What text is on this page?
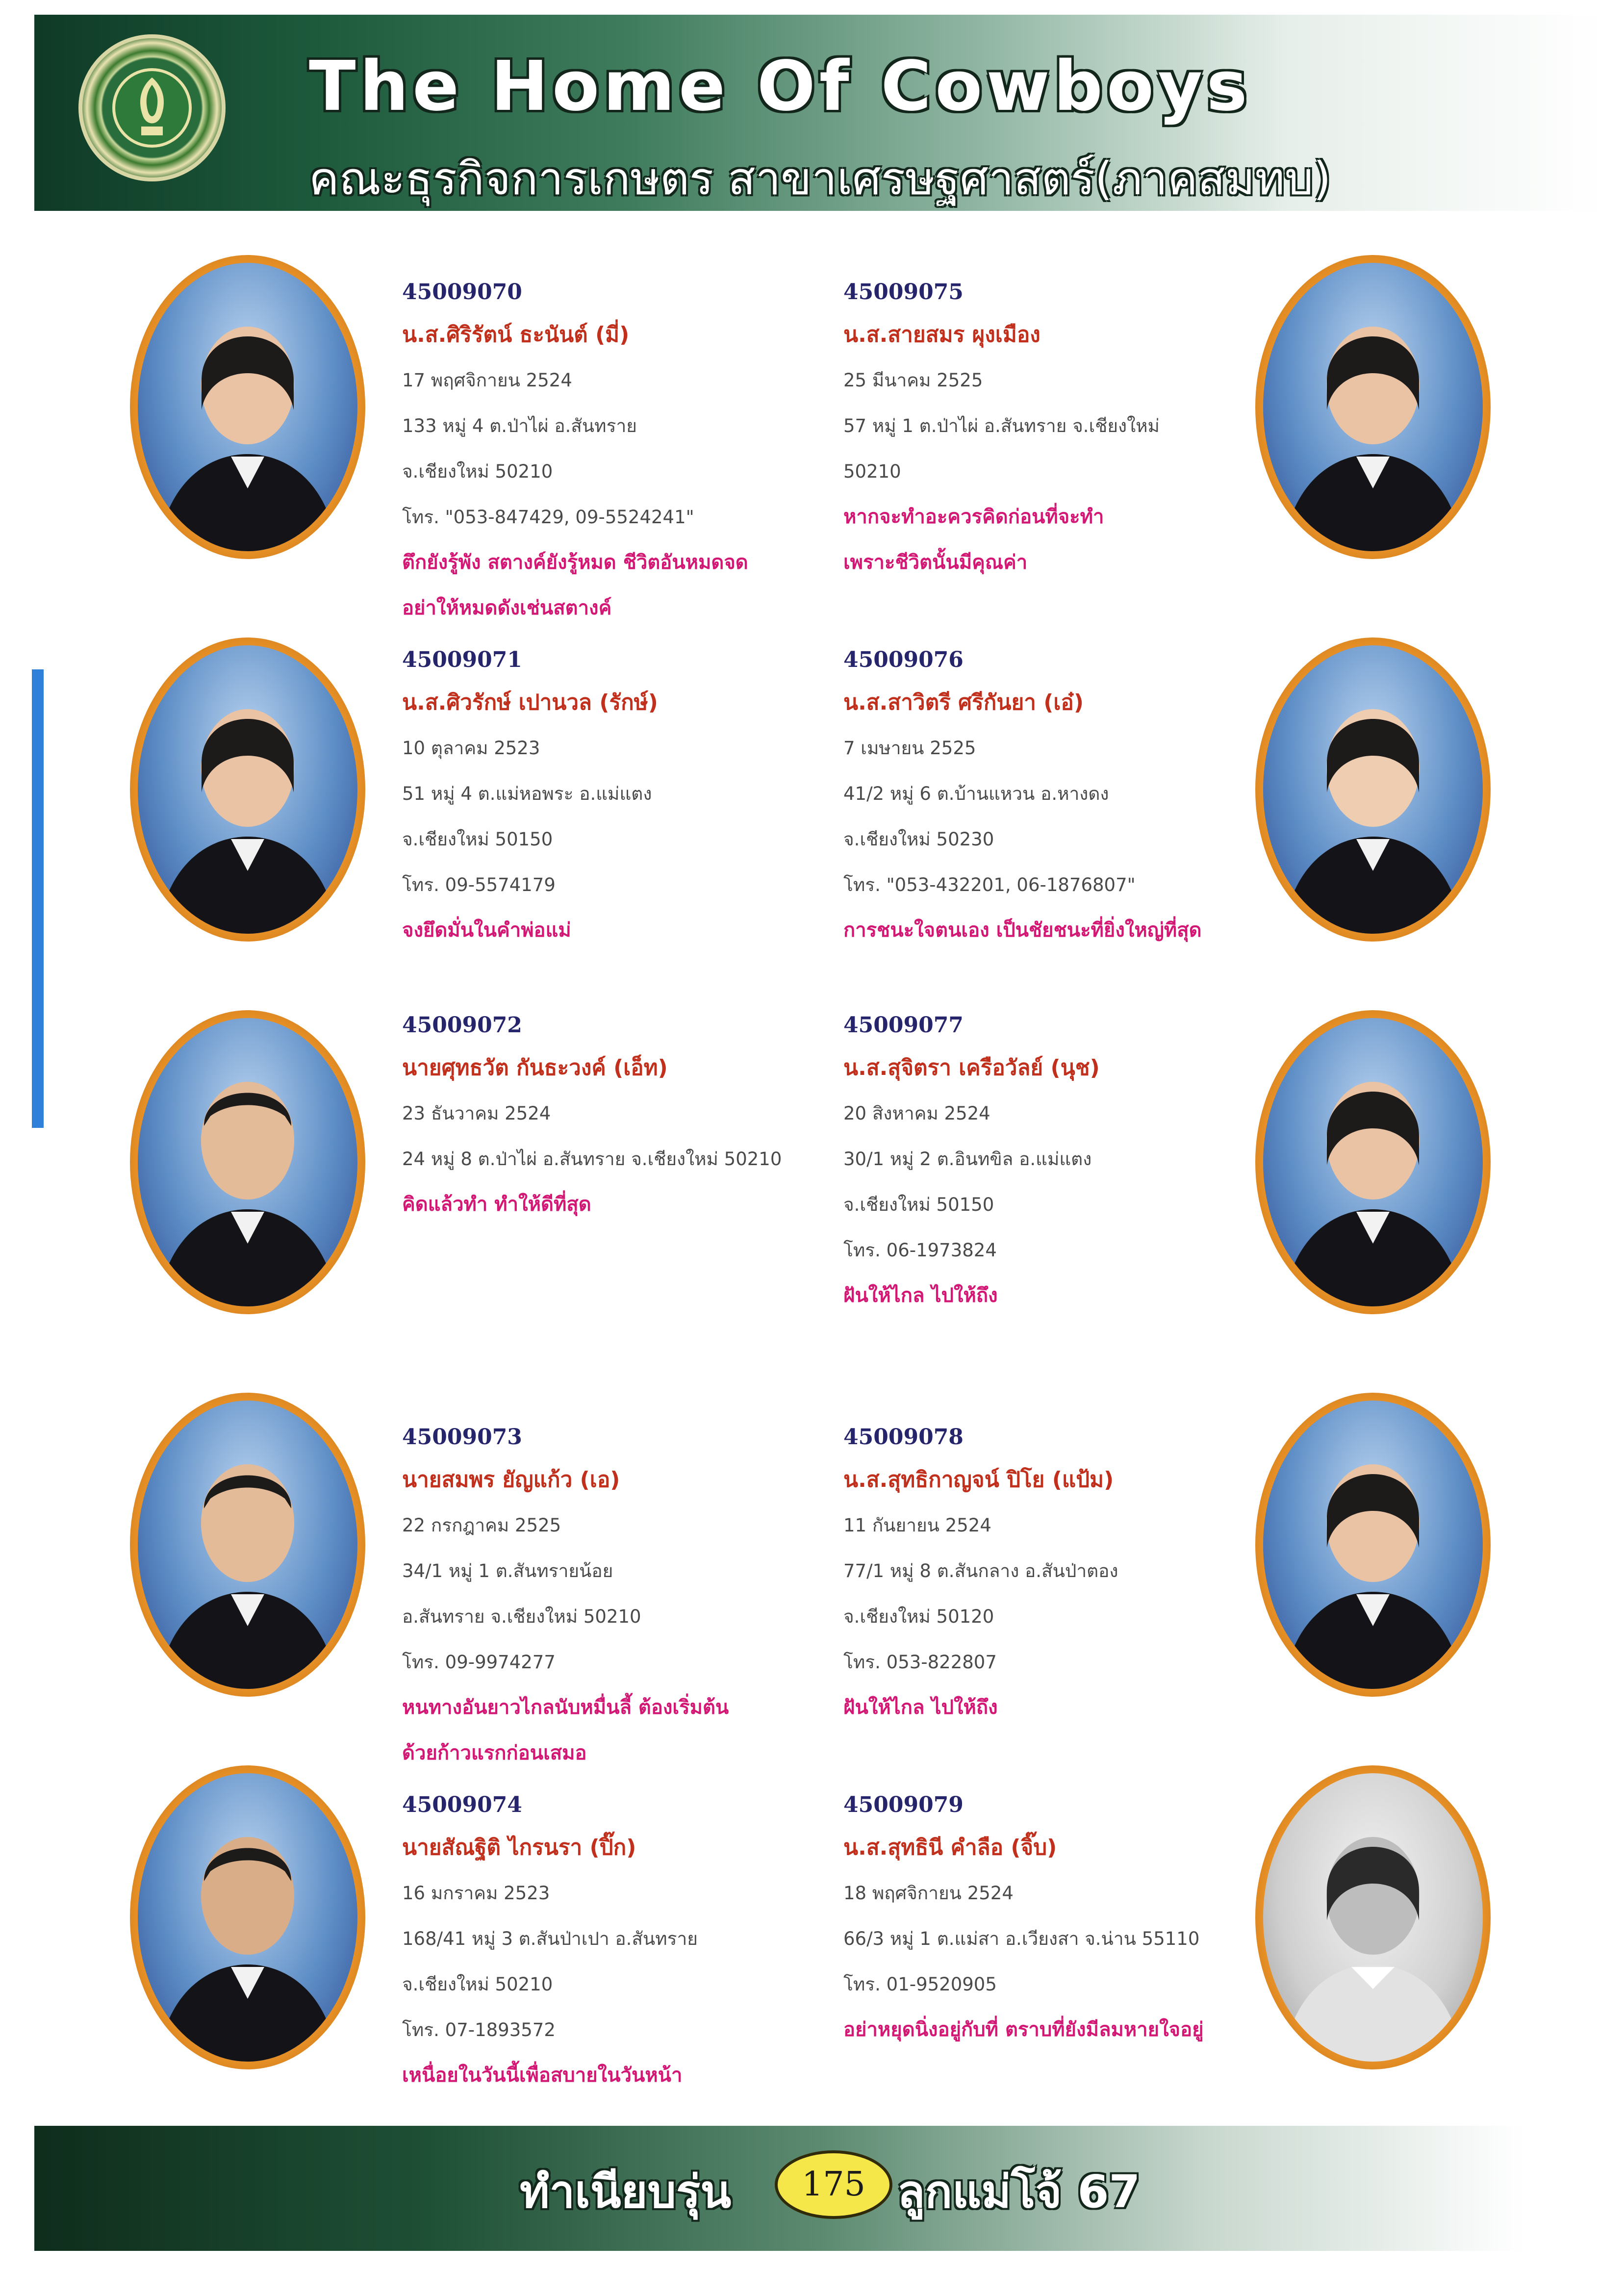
The Home Of Cowboys
คณะธุรกิจการเกษตร สาขาเศรษฐศาสตร์(ภาคสมทบ)
45009070
น.ส.ศิริรัตน์ ธะนันต์ (มี่)
17 พฤศจิกายน 2524
133 หมู่ 4 ต.ป่าไผ่ อ.สันทราย
จ.เชียงใหม่ 50210
โทร. "053-847429, 09-5524241"
ตึกยังรู้พัง สตางค์ยังรู้หมด ชีวิตอันหมดจด
อย่าให้หมดดังเช่นสตางค์
45009071
น.ส.ศิวรักษ์ เปานวล (รักษ์)
10 ตุลาคม 2523
51 หมู่ 4 ต.แม่หอพระ อ.แม่แตง
จ.เชียงใหม่ 50150
โทร. 09-5574179
จงยึดมั่นในคำพ่อแม่
45009072
นายศุทธวัต กันธะวงค์ (เอ็ท)
23 ธันวาคม 2524
24 หมู่ 8 ต.ป่าไผ่ อ.สันทราย จ.เชียงใหม่ 50210
คิดแล้วทำ ทำให้ดีที่สุด
45009073
นายสมพร ยัญแก้ว (เอ)
22 กรกฎาคม 2525
34/1 หมู่ 1 ต.สันทรายน้อย
อ.สันทราย จ.เชียงใหม่ 50210
โทร. 09-9974277
หนทางอันยาวไกลนับหมื่นลี้ ต้องเริ่มต้น
ด้วยก้าวแรกก่อนเสมอ
45009074
นายสัณฐิติ ไกรนรา (ปิ๊ก)
16 มกราคม 2523
168/41 หมู่ 3 ต.สันป่าเปา อ.สันทราย
จ.เชียงใหม่ 50210
โทร. 07-1893572
เหนื่อยในวันนี้เพื่อสบายในวันหน้า
45009075
น.ส.สายสมร ผุงเมือง
25 มีนาคม 2525
57 หมู่ 1 ต.ป่าไผ่ อ.สันทราย จ.เชียงใหม่
50210
หากจะทำอะควรคิดก่อนที่จะทำ
เพราะชีวิตนั้นมีคุณค่า
45009076
น.ส.สาวิตรี ศรีกันยา (เอ๋)
7 เมษายน 2525
41/2 หมู่ 6 ต.บ้านแหวน อ.หางดง
จ.เชียงใหม่ 50230
โทร. "053-432201, 06-1876807"
การชนะใจตนเอง เป็นชัยชนะที่ยิ่งใหญ่ที่สุด
45009077
น.ส.สุจิตรา เครือวัลย์ (นุช)
20 สิงหาคม 2524
30/1 หมู่ 2 ต.อินทขิล อ.แม่แตง
จ.เชียงใหม่ 50150
โทร. 06-1973824
ฝันให้ไกล ไปให้ถึง
45009078
น.ส.สุทธิกาญจน์ ปิโย (แป้ม)
11 กันยายน 2524
77/1 หมู่ 8 ต.สันกลาง อ.สันป่าตอง
จ.เชียงใหม่ 50120
โทร. 053-822807
ฝันให้ไกล ไปให้ถึง
45009079
น.ส.สุทธินี คำลือ (จิ๊บ)
18 พฤศจิกายน 2524
66/3 หมู่ 1 ต.แม่สา อ.เวียงสา จ.น่าน 55110
โทร. 01-9520905
อย่าหยุดนิ่งอยู่กับที่ ตราบที่ยังมีลมหายใจอยู่
ทำเนียบรุ่น	175 ลูกแม่โจ้ 67
